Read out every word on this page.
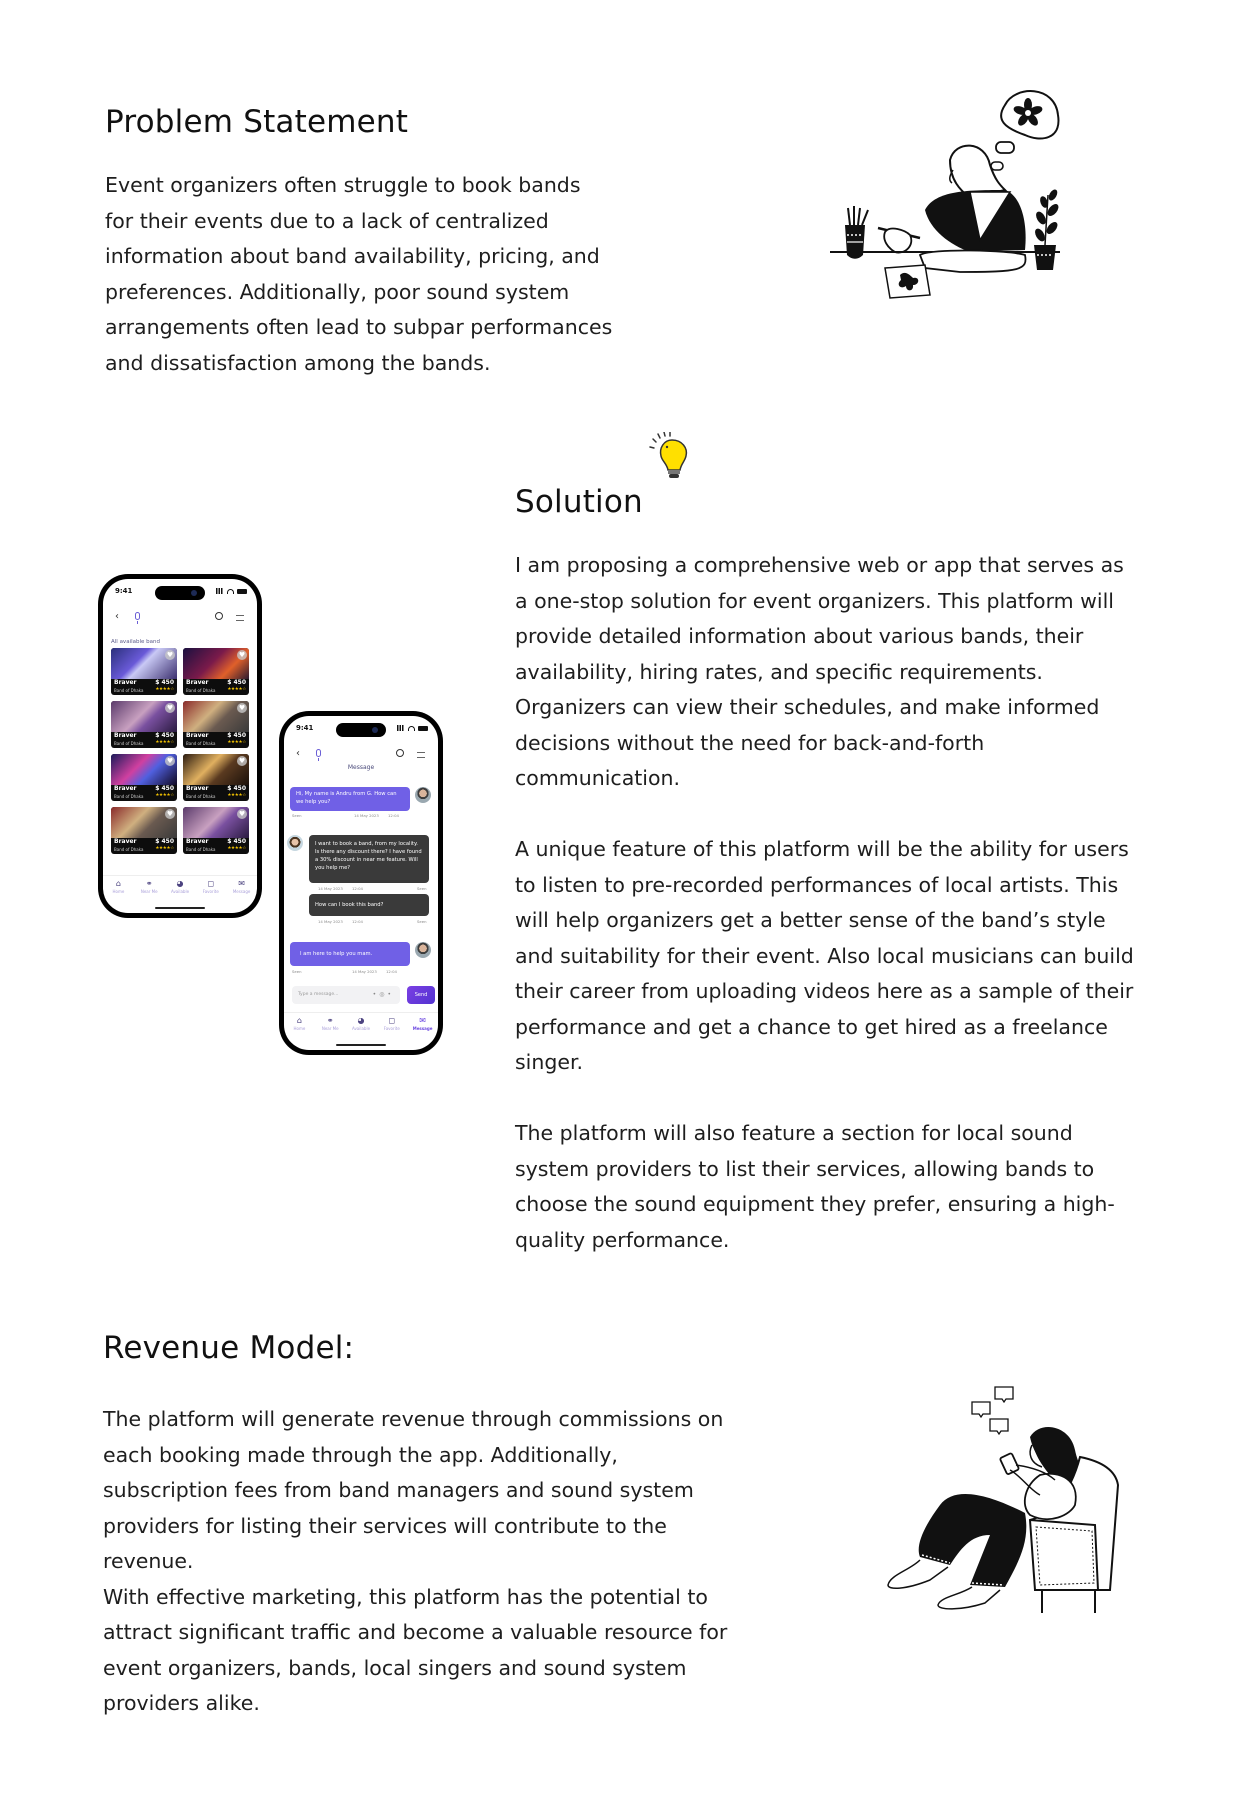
Problem Statement

Event organizers often struggle to book bands for their events due to a lack of centralized information about band availability, pricing, and preferences. Additionally, poor sound system arrangements often lead to subpar performances and dissatisfaction among the bands.

Solution

I am proposing a comprehensive web or app that serves as a one-stop solution for event organizers. This platform will provide detailed information about various bands, their availability, hiring rates, and specific requirements. Organizers can view their schedules, and make informed decisions without the need for back-and-forth communication.

A unique feature of this platform will be the ability for users to listen to pre-recorded performances of local artists. This will help organizers get a better sense of the band’s style and suitability for their event. Also local musicians can build their career from uploading videos here as a sample of their performance and get a chance to get hired as a freelance singer.

The platform will also feature a section for local sound system providers to list their services, allowing bands to choose the sound equipment they prefer, ensuring a high-quality performance.

9:41
‹
All available band
♥
Braver	$ 450
Band of Dhaka	★★★★☆
♥
Braver	$ 450
Band of Dhaka	★★★★☆
♥
Braver	$ 450
Band of Dhaka	★★★★☆
♥
Braver	$ 450
Band of Dhaka	★★★★☆
♥
Braver	$ 450
Band of Dhaka	★★★★☆
♥
Braver	$ 450
Band of Dhaka	★★★★☆
♥
Braver	$ 450
Band of Dhaka	★★★★☆
♥
Braver	$ 450
Band of Dhaka	★★★★☆
⌂
Home
⚭
Near Me
◕
Available
◻
Favorite
✉
Message
9:41
‹
Message
Hi, My name is Andru from G. How can we help you?
Seen	14 May 2023 12:04
I want to book a band, from my locality. Is there any discount there? I have found a 30% discount in near me feature. Will you help me?
14 May 2023 12:04	Seen
How can I book this band?
14 May 2023 12:04	Seen
I am here to help you mam.
Seen	14 May 2023 12:04
Type a message...	•◎•	Send
⌂
Home
⚭
Near Me
◕
Available
◻
Favorite
✉
Message
Revenue Model:

The platform will generate revenue through commissions on each booking made through the app. Additionally, subscription fees from band managers and sound system providers for listing their services will contribute to the revenue.

With effective marketing, this platform has the potential to attract significant traffic and become a valuable resource for event organizers, bands, local singers and sound system providers alike.
